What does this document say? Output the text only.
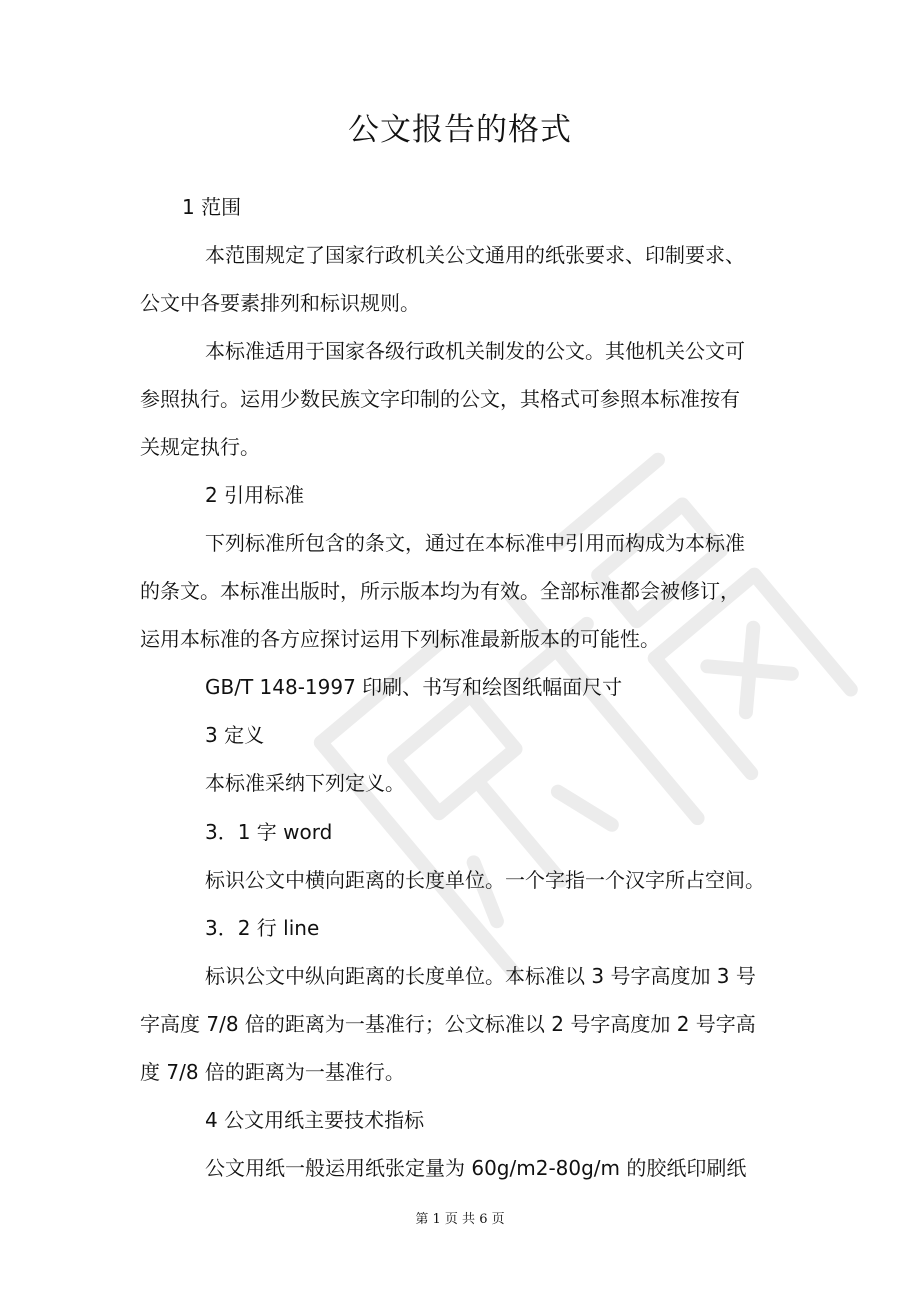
公文报告的格式
1 范围
本范围规定了国家行政机关公文通用的纸张要求、印制要求、
公文中各要素排列和标识规则。
本标准适用于国家各级行政机关制发的公文。其他机关公文可
参照执行。运用少数民族文字印制的公文，其格式可参照本标准按有
关规定执行。
2 引用标准
下列标准所包含的条文，通过在本标准中引用而构成为本标准
的条文。本标准出版时，所示版本均为有效。全部标准都会被修订，
运用本标准的各方应探讨运用下列标准最新版本的可能性。
GB/T 148-1997 印刷、书写和绘图纸幅面尺寸
3 定义
本标准采纳下列定义。
3．1 字 word
标识公文中横向距离的长度单位。一个字指一个汉字所占空间。
3．2 行 line
标识公文中纵向距离的长度单位。本标准以 3 号字高度加 3 号
字高度 7/8 倍的距离为一基准行；公文标准以 2 号字高度加 2 号字高
度 7/8 倍的距离为一基准行。
4 公文用纸主要技术指标
公文用纸一般运用纸张定量为 60g/m2-80g/m 的胶纸印刷纸
第 1 页 共 6 页
